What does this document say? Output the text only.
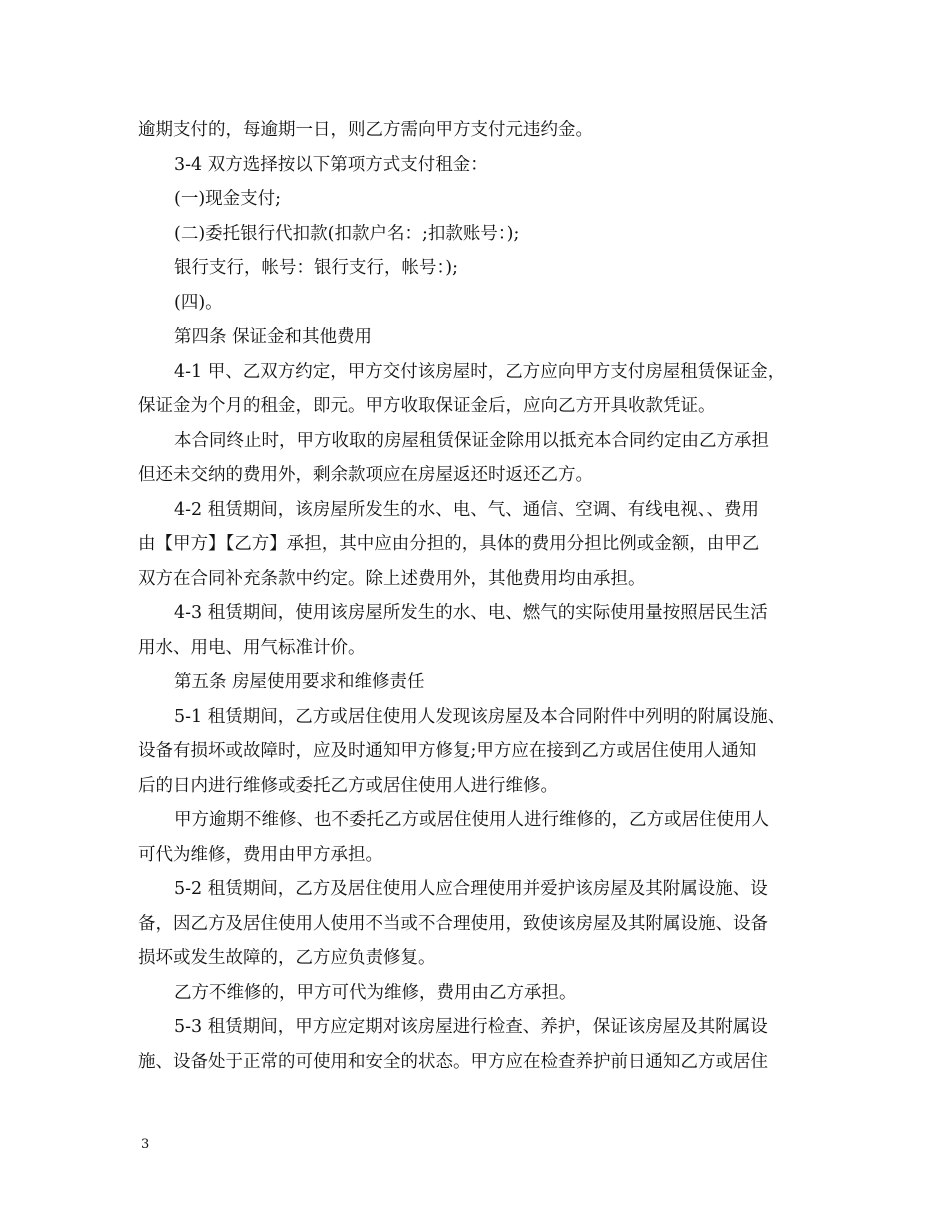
逾期支付的，每逾期一日，则乙方需向甲方支付元违约金。
3-4 双方选择按以下第项方式支付租金：
(一)现金支付;
(二)委托银行代扣款(扣款户名：;扣款账号：);
银行支行，帐号：银行支行，帐号：);
(四)。
第四条 保证金和其他费用
4-1 甲、乙双方约定，甲方交付该房屋时，乙方应向甲方支付房屋租赁保证金，
保证金为个月的租金，即元。甲方收取保证金后，应向乙方开具收款凭证。
本合同终止时，甲方收取的房屋租赁保证金除用以抵充本合同约定由乙方承担
但还未交纳的费用外，剩余款项应在房屋返还时返还乙方。
4-2 租赁期间，该房屋所发生的水、电、气、通信、空调、有线电视、、费用
由【甲方】【乙方】承担，其中应由分担的，具体的费用分担比例或金额，由甲乙
双方在合同补充条款中约定。除上述费用外，其他费用均由承担。
4-3 租赁期间，使用该房屋所发生的水、电、燃气的实际使用量按照居民生活
用水、用电、用气标准计价。
第五条 房屋使用要求和维修责任
5-1 租赁期间，乙方或居住使用人发现该房屋及本合同附件中列明的附属设施、
设备有损坏或故障时，应及时通知甲方修复;甲方应在接到乙方或居住使用人通知
后的日内进行维修或委托乙方或居住使用人进行维修。
甲方逾期不维修、也不委托乙方或居住使用人进行维修的，乙方或居住使用人
可代为维修，费用由甲方承担。
5-2 租赁期间，乙方及居住使用人应合理使用并爱护该房屋及其附属设施、设
备，因乙方及居住使用人使用不当或不合理使用，致使该房屋及其附属设施、设备
损坏或发生故障的，乙方应负责修复。
乙方不维修的，甲方可代为维修，费用由乙方承担。
5-3 租赁期间，甲方应定期对该房屋进行检查、养护，保证该房屋及其附属设
施、设备处于正常的可使用和安全的状态。甲方应在检查养护前日通知乙方或居住
3
